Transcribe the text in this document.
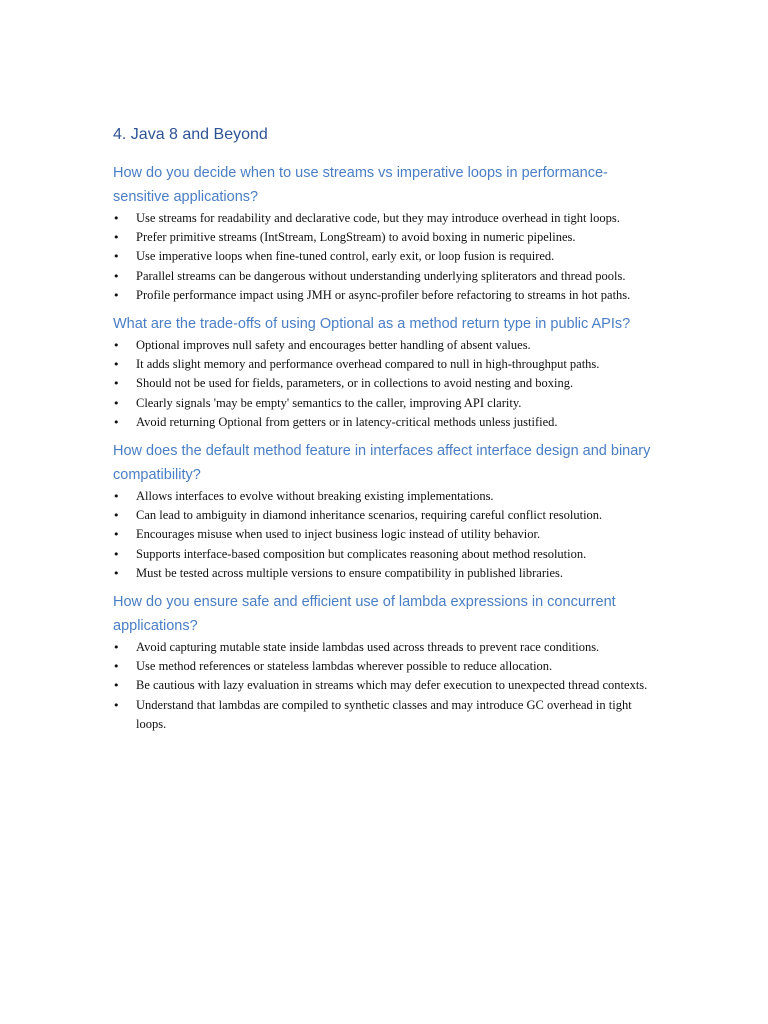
4. Java 8 and Beyond
How do you decide when to use streams vs imperative loops in performance-sensitive applications?
• Use streams for readability and declarative code, but they may introduce overhead in tight loops.
• Prefer primitive streams (IntStream, LongStream) to avoid boxing in numeric pipelines.
• Use imperative loops when fine-tuned control, early exit, or loop fusion is required.
• Parallel streams can be dangerous without understanding underlying spliterators and thread pools.
• Profile performance impact using JMH or async-profiler before refactoring to streams in hot paths.
What are the trade-offs of using Optional as a method return type in public APIs?
• Optional improves null safety and encourages better handling of absent values.
• It adds slight memory and performance overhead compared to null in high-throughput paths.
• Should not be used for fields, parameters, or in collections to avoid nesting and boxing.
• Clearly signals 'may be empty' semantics to the caller, improving API clarity.
• Avoid returning Optional from getters or in latency-critical methods unless justified.
How does the default method feature in interfaces affect interface design and binary compatibility?
• Allows interfaces to evolve without breaking existing implementations.
• Can lead to ambiguity in diamond inheritance scenarios, requiring careful conflict resolution.
• Encourages misuse when used to inject business logic instead of utility behavior.
• Supports interface-based composition but complicates reasoning about method resolution.
• Must be tested across multiple versions to ensure compatibility in published libraries.
How do you ensure safe and efficient use of lambda expressions in concurrent applications?
• Avoid capturing mutable state inside lambdas used across threads to prevent race conditions.
• Use method references or stateless lambdas wherever possible to reduce allocation.
• Be cautious with lazy evaluation in streams which may defer execution to unexpected thread contexts.
• Understand that lambdas are compiled to synthetic classes and may introduce GC overhead in tight loops.
